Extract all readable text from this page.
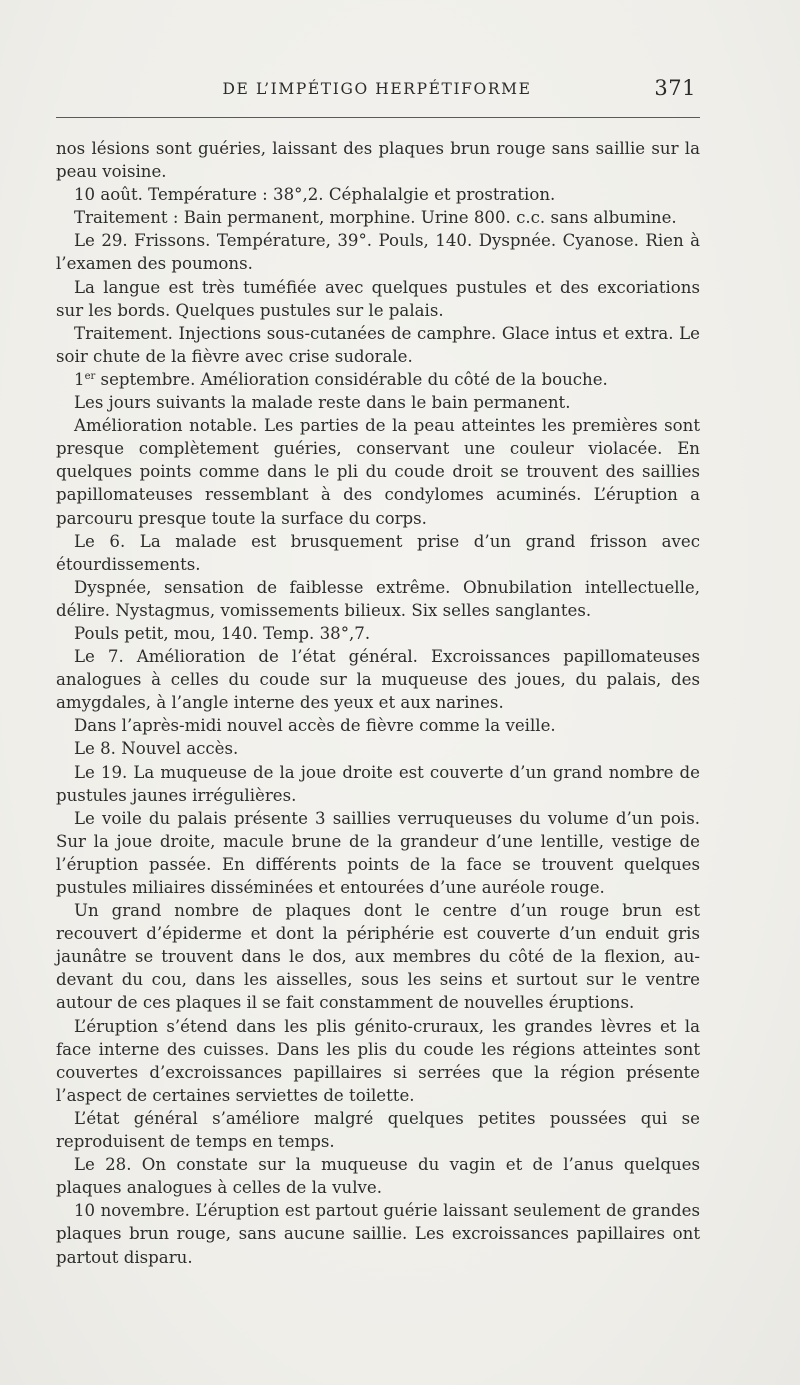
DE L’IMPÉTIGO HERPÉTIFORME	371

nos lésions sont guéries, laissant des plaques brun rouge sans saillie sur la peau voisine.

10 août. Température : 38°,2. Céphalalgie et prostration.

Traitement : Bain permanent, morphine. Urine 800. c.c. sans albumine.

Le 29. Frissons. Température, 39°. Pouls, 140. Dyspnée. Cyanose. Rien à l’examen des poumons.

La langue est très tuméfiée avec quelques pustules et des excoriations sur les bords. Quelques pustules sur le palais.

Traitement. Injections sous-cutanées de camphre. Glace intus et extra. Le soir chute de la fièvre avec crise sudorale.

1er septembre. Amélioration considérable du côté de la bouche.

Les jours suivants la malade reste dans le bain permanent.

Amélioration notable. Les parties de la peau atteintes les premières sont presque complètement guéries, conservant une couleur violacée. En quelques points comme dans le pli du coude droit se trouvent des saillies papillomateuses ressemblant à des condylomes acuminés. L’éruption a parcouru presque toute la surface du corps.

Le 6. La malade est brusquement prise d’un grand frisson avec étourdissements.

Dyspnée, sensation de faiblesse extrême. Obnubilation intellectuelle, délire. Nystagmus, vomissements bilieux. Six selles sanglantes.

Pouls petit, mou, 140. Temp. 38°,7.

Le 7. Amélioration de l’état général. Excroissances papillomateuses analogues à celles du coude sur la muqueuse des joues, du palais, des amygdales, à l’angle interne des yeux et aux narines.

Dans l’après-midi nouvel accès de fièvre comme la veille.

Le 8. Nouvel accès.

Le 19. La muqueuse de la joue droite est couverte d’un grand nombre de pustules jaunes irrégulières.

Le voile du palais présente 3 saillies verruqueuses du volume d’un pois. Sur la joue droite, macule brune de la grandeur d’une lentille, vestige de l’éruption passée. En différents points de la face se trouvent quelques pustules miliaires disséminées et entourées d’une auréole rouge.

Un grand nombre de plaques dont le centre d’un rouge brun est recouvert d’épiderme et dont la périphérie est couverte d’un enduit gris jaunâtre se trouvent dans le dos, aux membres du côté de la flexion, au-devant du cou, dans les aisselles, sous les seins et surtout sur le ventre autour de ces plaques il se fait constamment de nouvelles éruptions.

L’éruption s’étend dans les plis génito-cruraux, les grandes lèvres et la face interne des cuisses. Dans les plis du coude les régions atteintes sont couvertes d’excroissances papillaires si serrées que la région présente l’aspect de certaines serviettes de toilette.

L’état général s’améliore malgré quelques petites poussées qui se reproduisent de temps en temps.

Le 28. On constate sur la muqueuse du vagin et de l’anus quelques plaques analogues à celles de la vulve.

10 novembre. L’éruption est partout guérie laissant seulement de grandes plaques brun rouge, sans aucune saillie. Les excroissances papillaires ont partout disparu.
